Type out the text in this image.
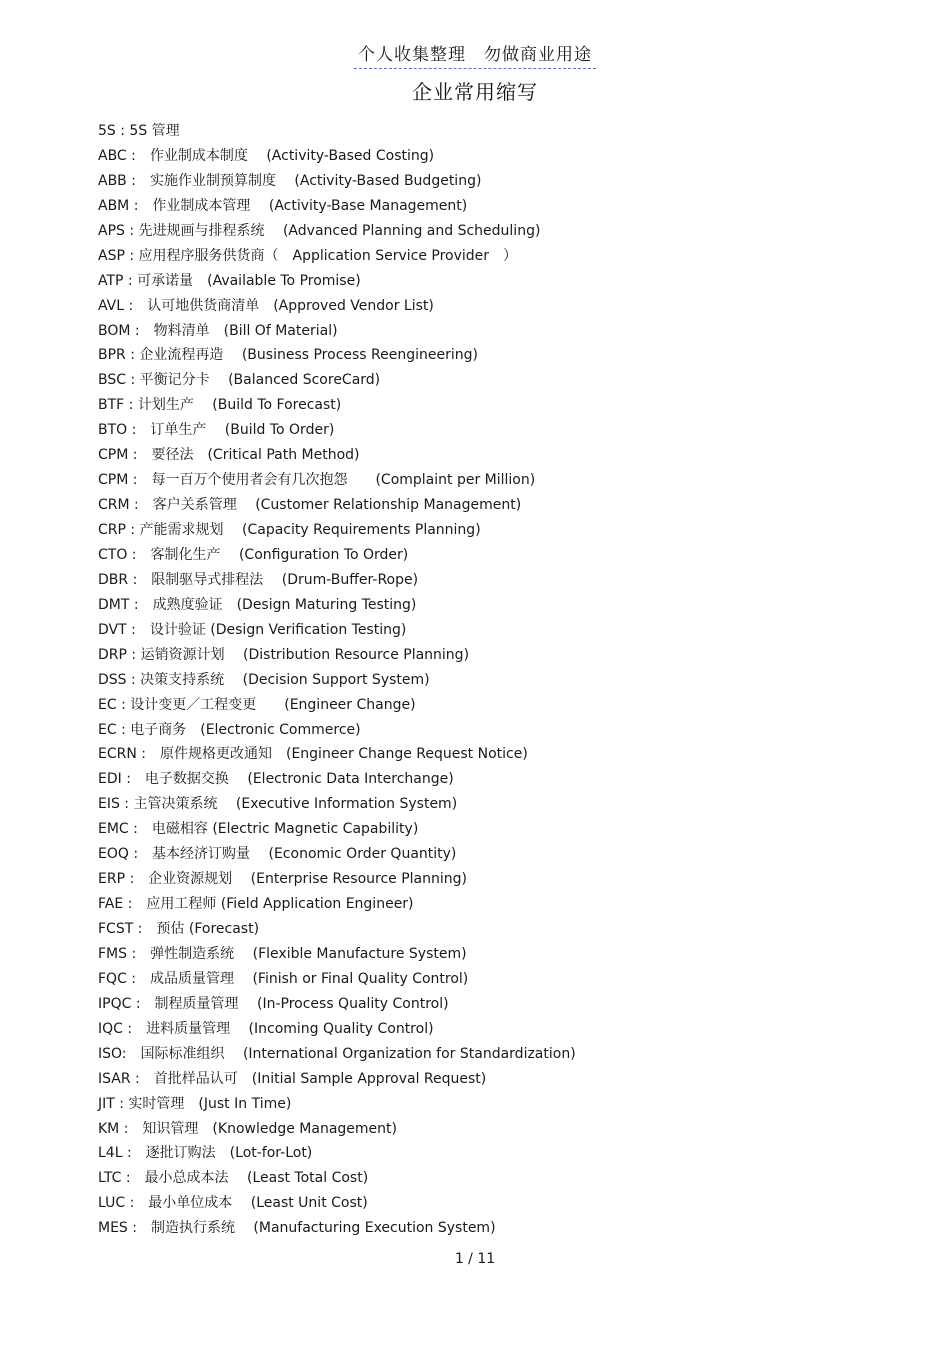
个人收集整理　勿做商业用途
企业常用缩写
5S : 5S 管理
ABC :　作业制成本制度　 (Activity-Based Costing)
ABB :　实施作业制预算制度　 (Activity-Based Budgeting)
ABM :　作业制成本管理　 (Activity-Base Management)
APS : 先进规画与排程系统　 (Advanced Planning and Scheduling)
ASP : 应用程序服务供货商（　Application Service Provider　）
ATP : 可承诺量　(Available To Promise)
AVL :　认可地供货商清单　(Approved Vendor List)
BOM :　物料清单　(Bill Of Material)
BPR : 企业流程再造　 (Business Process Reengineering)
BSC : 平衡记分卡　 (Balanced ScoreCard)
BTF : 计划生产　 (Build To Forecast)
BTO :　订单生产　 (Build To Order)
CPM :　要径法　(Critical Path Method)
CPM :　每一百万个使用者会有几次抱怨　　(Complaint per Million)
CRM :　客户关系管理　 (Customer Relationship Management)
CRP : 产能需求规划　 (Capacity Requirements Planning)
CTO :　客制化生产　 (Configuration To Order)
DBR :　限制驱导式排程法　 (Drum-Buffer-Rope)
DMT :　成熟度验证　(Design Maturing Testing)
DVT :　设计验证 (Design Verification Testing)
DRP : 运销资源计划　 (Distribution Resource Planning)
DSS : 决策支持系统　 (Decision Support System)
EC : 设计变更／工程变更　　(Engineer Change)
EC : 电子商务　(Electronic Commerce)
ECRN :　原件规格更改通知　(Engineer Change Request Notice)
EDI :　电子数据交换　 (Electronic Data Interchange)
EIS : 主管决策系统　 (Executive Information System)
EMC :　电磁相容 (Electric Magnetic Capability)
EOQ :　基本经济订购量　 (Economic Order Quantity)
ERP :　企业资源规划　 (Enterprise Resource Planning)
FAE :　应用工程师 (Field Application Engineer)
FCST :　预估 (Forecast)
FMS :　弹性制造系统　 (Flexible Manufacture System)
FQC :　成品质量管理　 (Finish or Final Quality Control)
IPQC :　制程质量管理　 (In-Process Quality Control)
IQC :　进料质量管理　 (Incoming Quality Control)
ISO:　国际标准组织　 (International Organization for Standardization)
ISAR :　首批样品认可　(Initial Sample Approval Request)
JIT : 实时管理　(Just In Time)
KM :　知识管理　(Knowledge Management)
L4L :　逐批订购法　(Lot-for-Lot)
LTC :　最小总成本法　 (Least Total Cost)
LUC :　最小单位成本　 (Least Unit Cost)
MES :　制造执行系统　 (Manufacturing Execution System)
1 / 11
